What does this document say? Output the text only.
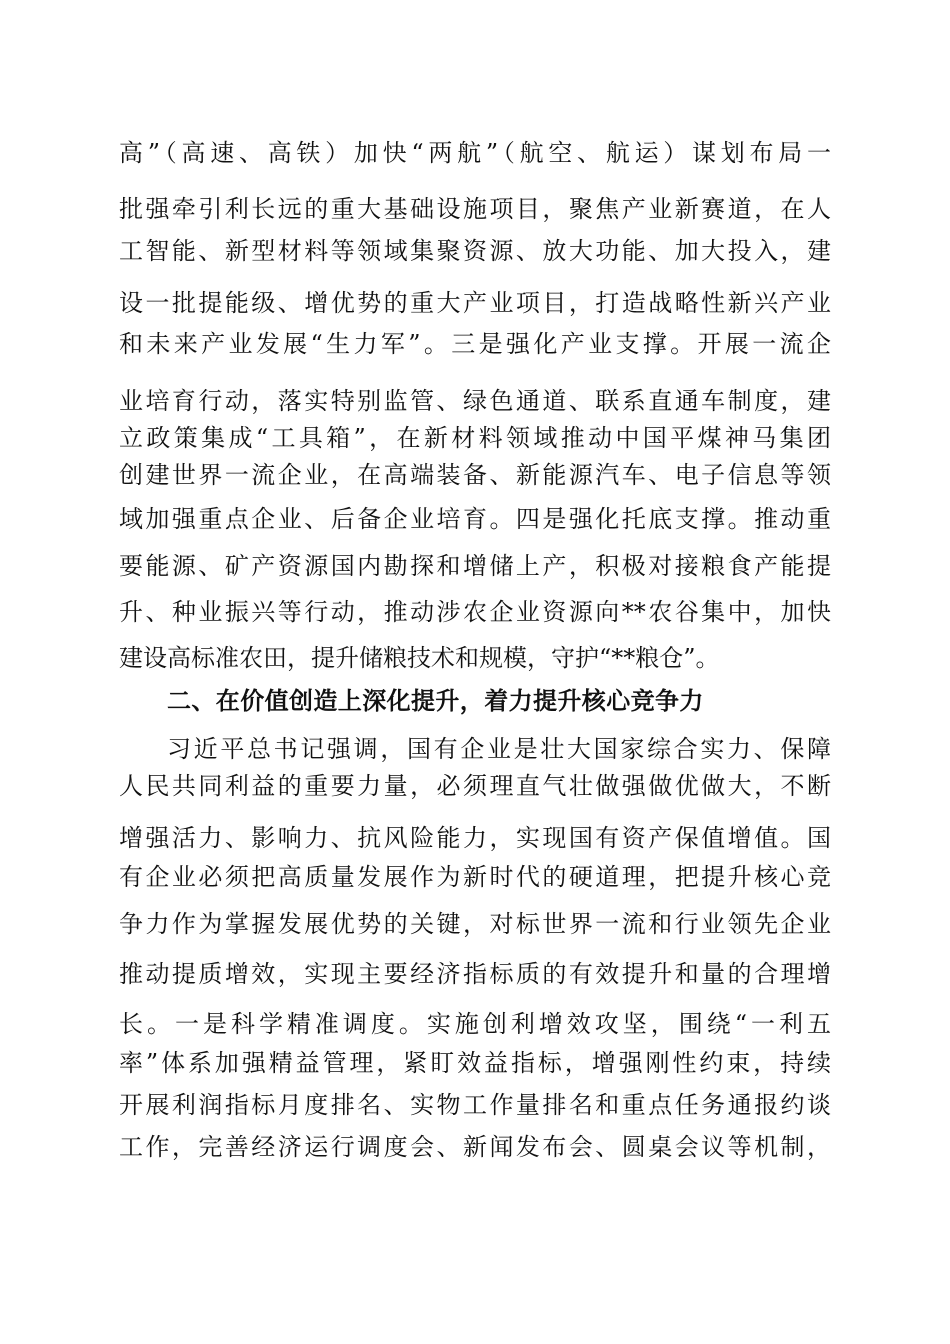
高”（高速、高铁）加快“两航”（航空、航运）谋划布局一
批强牵引利长远的重大基础设施项目，聚焦产业新赛道，在人
工智能、新型材料等领域集聚资源、放大功能、加大投入，建
设一批提能级、增优势的重大产业项目，打造战略性新兴产业
和未来产业发展“生力军”。三是强化产业支撑。开展一流企
业培育行动，落实特别监管、绿色通道、联系直通车制度，建
立政策集成“工具箱”，在新材料领域推动中国平煤神马集团
创建世界一流企业，在高端装备、新能源汽车、电子信息等领
域加强重点企业、后备企业培育。四是强化托底支撑。推动重
要能源、矿产资源国内勘探和增储上产，积极对接粮食产能提
升、种业振兴等行动，推动涉农企业资源向**农谷集中，加快
建设高标准农田，提升储粮技术和规模，守护“**粮仓”。
二、在价值创造上深化提升，着力提升核心竞争力
习近平总书记强调，国有企业是壮大国家综合实力、保障
人民共同利益的重要力量，必须理直气壮做强做优做大，不断
增强活力、影响力、抗风险能力，实现国有资产保值增值。国
有企业必须把高质量发展作为新时代的硬道理，把提升核心竞
争力作为掌握发展优势的关键，对标世界一流和行业领先企业
推动提质增效，实现主要经济指标质的有效提升和量的合理增
长。一是科学精准调度。实施创利增效攻坚，围绕“一利五
率”体系加强精益管理，紧盯效益指标，增强刚性约束，持续
开展利润指标月度排名、实物工作量排名和重点任务通报约谈
工作，完善经济运行调度会、新闻发布会、圆桌会议等机制，
